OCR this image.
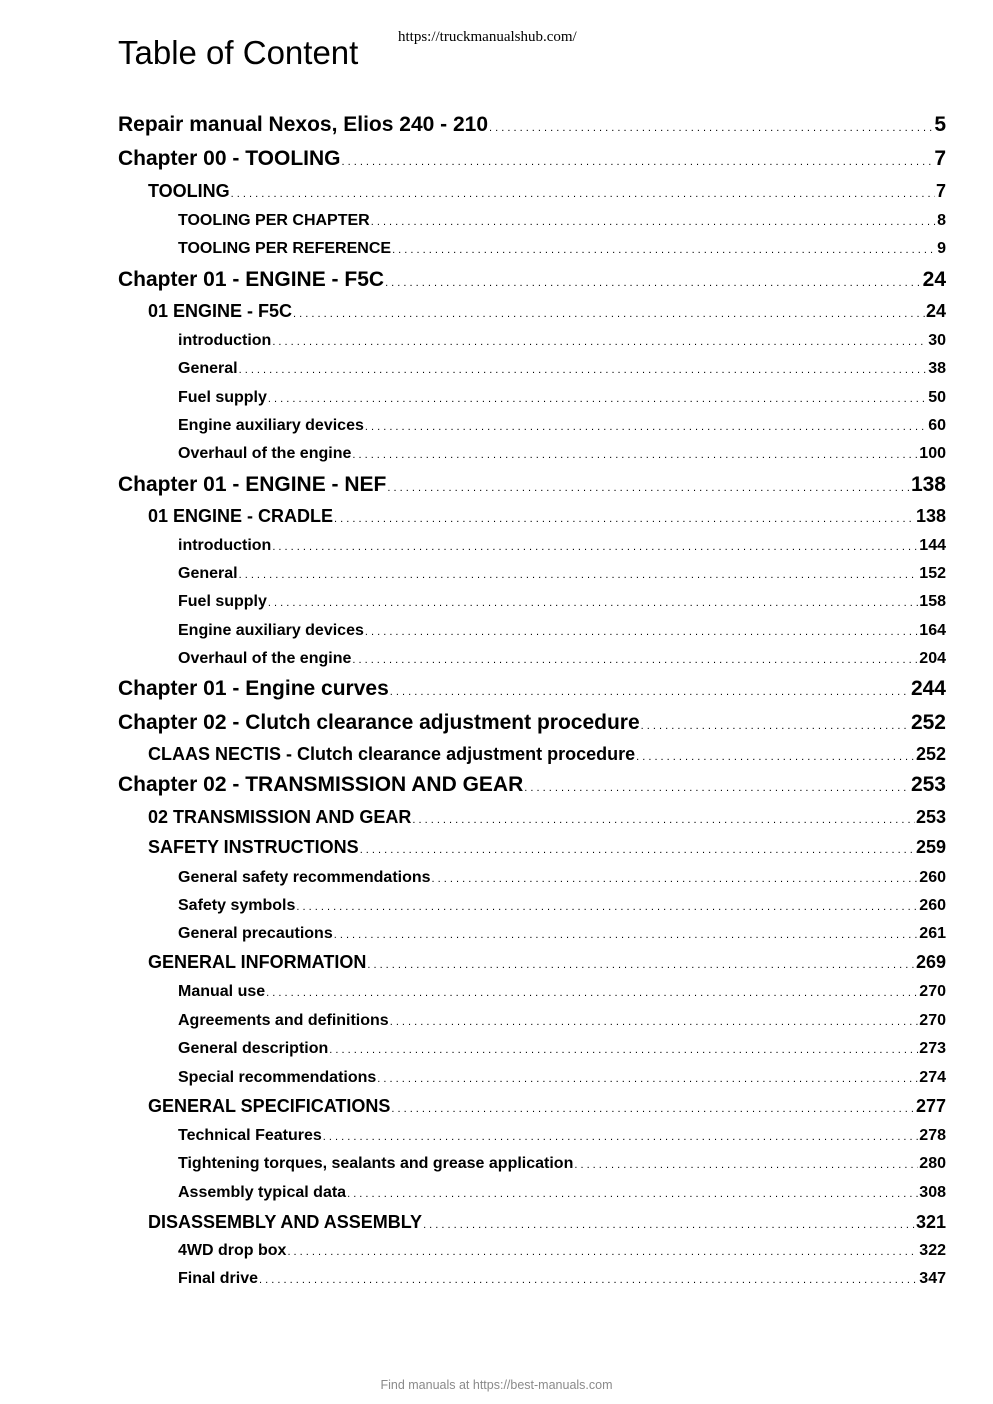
https://truckmanualshub.com/
Table of Content
Repair manual Nexos, Elios 240 - 210 . . .	5
Chapter 00 - TOOLING . . .	7
TOOLING . . .	7
TOOLING PER CHAPTER . . .	8
TOOLING PER REFERENCE . . .	9
Chapter 01 - ENGINE - F5C . . .	24
01 ENGINE - F5C . . .	24
introduction . . .	30
General . . .	38
Fuel supply . . .	50
Engine auxiliary devices . . .	60
Overhaul of the engine . . .	100
Chapter 01 - ENGINE - NEF . . .	138
01 ENGINE - CRADLE . . .	138
introduction . . .	144
General . . .	152
Fuel supply . . .	158
Engine auxiliary devices . . .	164
Overhaul of the engine . . .	204
Chapter 01 - Engine curves . . .	244
Chapter 02 - Clutch clearance adjustment procedure . . .	252
CLAAS NECTIS - Clutch clearance adjustment procedure . . .	252
Chapter 02 - TRANSMISSION AND GEAR . . .	253
02 TRANSMISSION AND GEAR . . .	253
SAFETY INSTRUCTIONS . . .	259
General safety recommendations . . .	260
Safety symbols . . .	260
General precautions . . .	261
GENERAL INFORMATION . . .	269
Manual use . . .	270
Agreements and definitions . . .	270
General description . . .	273
Special recommendations . . .	274
GENERAL SPECIFICATIONS . . .	277
Technical Features . . .	278
Tightening torques, sealants and grease application . . .	280
Assembly typical data . . .	308
DISASSEMBLY AND ASSEMBLY . . .	321
4WD drop box . . .	322
Final drive . . .	347
Find manuals at https://best-manuals.com
